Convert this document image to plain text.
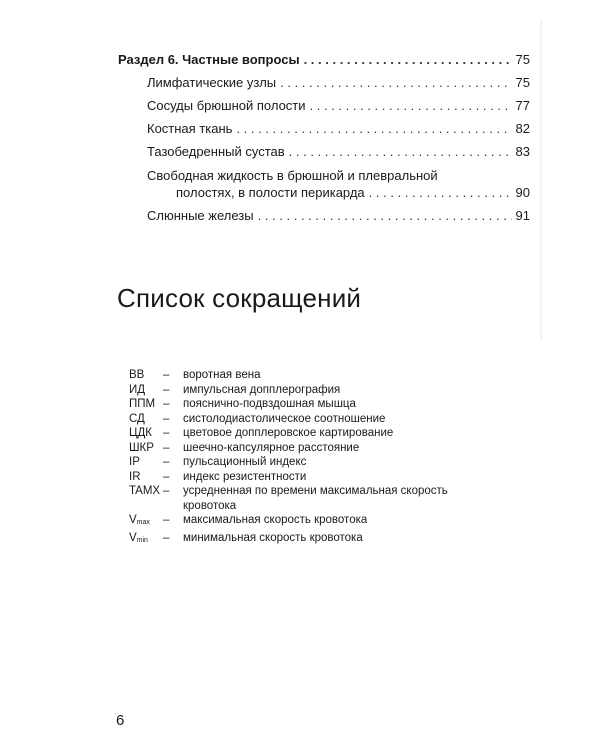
Раздел 6. Частные вопросы . . .	75
Лимфатические узлы . . .	75
Сосуды брюшной полости . . .	77
Костная ткань . . .	82
Тазобедренный сустав . . .	83
Свободная жидкость в брюшной и плевральной
полостях, в полости перикарда . . .	90
Слюнные железы . . .	91
Список сокращений
ВВ	–	воротная вена
ИД	–	импульсная допплерография
ППМ –	пояснично-подвздошная мышца
СД	–	систолодиастолическое соотношение
ЦДК –	цветовое допплеровское картирование
ШКР –	шеечно-капсулярное расстояние
IP	–	пульсационный индекс
IR	–	индекс резистентности
TAMX –	усредненная по времени максимальная скорость
кровотока
Vmax	–	максимальная скорость кровотока
Vmin	–	минимальная скорость кровотока
6
